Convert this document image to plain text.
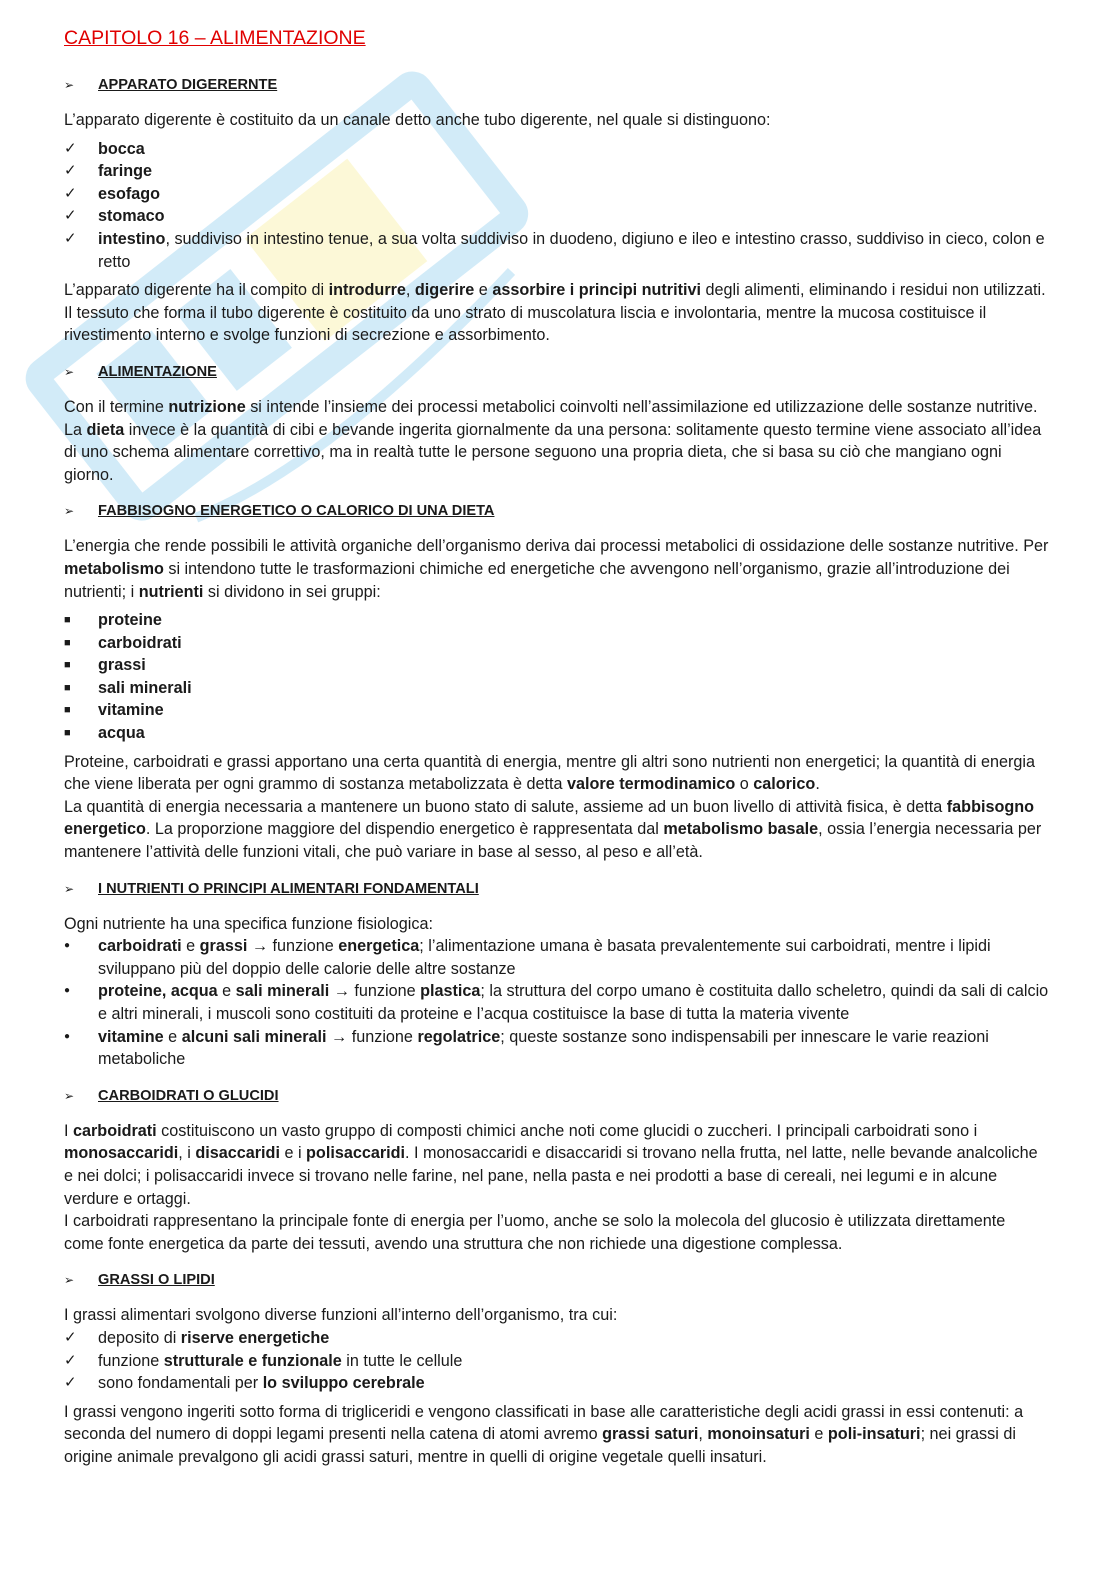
CAPITOLO 16 – ALIMENTAZIONE
➢	APPARATO DIGERERNTE

L’apparato digerente è costituito da un canale detto anche tubo digerente, nel quale si distinguono:

✓	bocca
✓	faringe
✓	esofago
✓	stomaco
✓	intestino, suddiviso in intestino tenue, a sua volta suddiviso in duodeno, digiuno e ileo e intestino crasso, suddiviso in cieco, colon e retto

L’apparato digerente ha il compito di introdurre, digerire e assorbire i principi nutritivi degli alimenti, eliminando i residui non utilizzati. Il tessuto che forma il tubo digerente è costituito da uno strato di muscolatura liscia e involontaria, mentre la mucosa costituisce il rivestimento interno e svolge funzioni di secrezione e assorbimento.

➢	ALIMENTAZIONE

Con il termine nutrizione si intende l’insieme dei processi metabolici coinvolti nell’assimilazione ed utilizzazione delle sostanze nutritive. La dieta invece è la quantità di cibi e bevande ingerita giornalmente da una persona: solitamente questo termine viene associato all’idea di uno schema alimentare correttivo, ma in realtà tutte le persone seguono una propria dieta, che si basa su ciò che mangiano ogni giorno.

➢	FABBISOGNO ENERGETICO O CALORICO DI UNA DIETA

L’energia che rende possibili le attività organiche dell’organismo deriva dai processi metabolici di ossidazione delle sostanze nutritive. Per metabolismo si intendono tutte le trasformazioni chimiche ed energetiche che avvengono nell’organismo, grazie all’introduzione dei nutrienti; i nutrienti si dividono in sei gruppi:

■	proteine
■	carboidrati
■	grassi
■	sali minerali
■	vitamine
■	acqua

Proteine, carboidrati e grassi apportano una certa quantità di energia, mentre gli altri sono nutrienti non energetici; la quantità di energia che viene liberata per ogni grammo di sostanza metabolizzata è detta valore termodinamico o calorico.

La quantità di energia necessaria a mantenere un buono stato di salute, assieme ad un buon livello di attività fisica, è detta fabbisogno energetico. La proporzione maggiore del dispendio energetico è rappresentata dal metabolismo basale, ossia l’energia necessaria per mantenere l’attività delle funzioni vitali, che può variare in base al sesso, al peso e all’età.

➢	I NUTRIENTI O PRINCIPI ALIMENTARI FONDAMENTALI

Ogni nutriente ha una specifica funzione fisiologica:

●	carboidrati e grassi → funzione energetica; l’alimentazione umana è basata prevalentemente sui carboidrati, mentre i lipidi sviluppano più del doppio delle calorie delle altre sostanze
●	proteine, acqua e sali minerali → funzione plastica; la struttura del corpo umano è costituita dallo scheletro, quindi da sali di calcio e altri minerali, i muscoli sono costituiti da proteine e l’acqua costituisce la base di tutta la materia vivente
●	vitamine e alcuni sali minerali → funzione regolatrice; queste sostanze sono indispensabili per innescare le varie reazioni metaboliche
➢	CARBOIDRATI O GLUCIDI

I carboidrati costituiscono un vasto gruppo di composti chimici anche noti come glucidi o zuccheri. I principali carboidrati sono i monosaccaridi, i disaccaridi e i polisaccaridi. I monosaccaridi e disaccaridi si trovano nella frutta, nel latte, nelle bevande analcoliche e nei dolci; i polisaccaridi invece si trovano nelle farine, nel pane, nella pasta e nei prodotti a base di cereali, nei legumi e in alcune verdure e ortaggi.

I carboidrati rappresentano la principale fonte di energia per l’uomo, anche se solo la molecola del glucosio è utilizzata direttamente come fonte energetica da parte dei tessuti, avendo una struttura che non richiede una digestione complessa.

➢	GRASSI O LIPIDI

I grassi alimentari svolgono diverse funzioni all’interno dell’organismo, tra cui:

✓	deposito di riserve energetiche
✓	funzione strutturale e funzionale in tutte le cellule
✓	sono fondamentali per lo sviluppo cerebrale

I grassi vengono ingeriti sotto forma di trigliceridi e vengono classificati in base alle caratteristiche degli acidi grassi in essi contenuti: a seconda del numero di doppi legami presenti nella catena di atomi avremo grassi saturi, monoinsaturi e poli-insaturi; nei grassi di origine animale prevalgono gli acidi grassi saturi, mentre in quelli di origine vegetale quelli insaturi.
